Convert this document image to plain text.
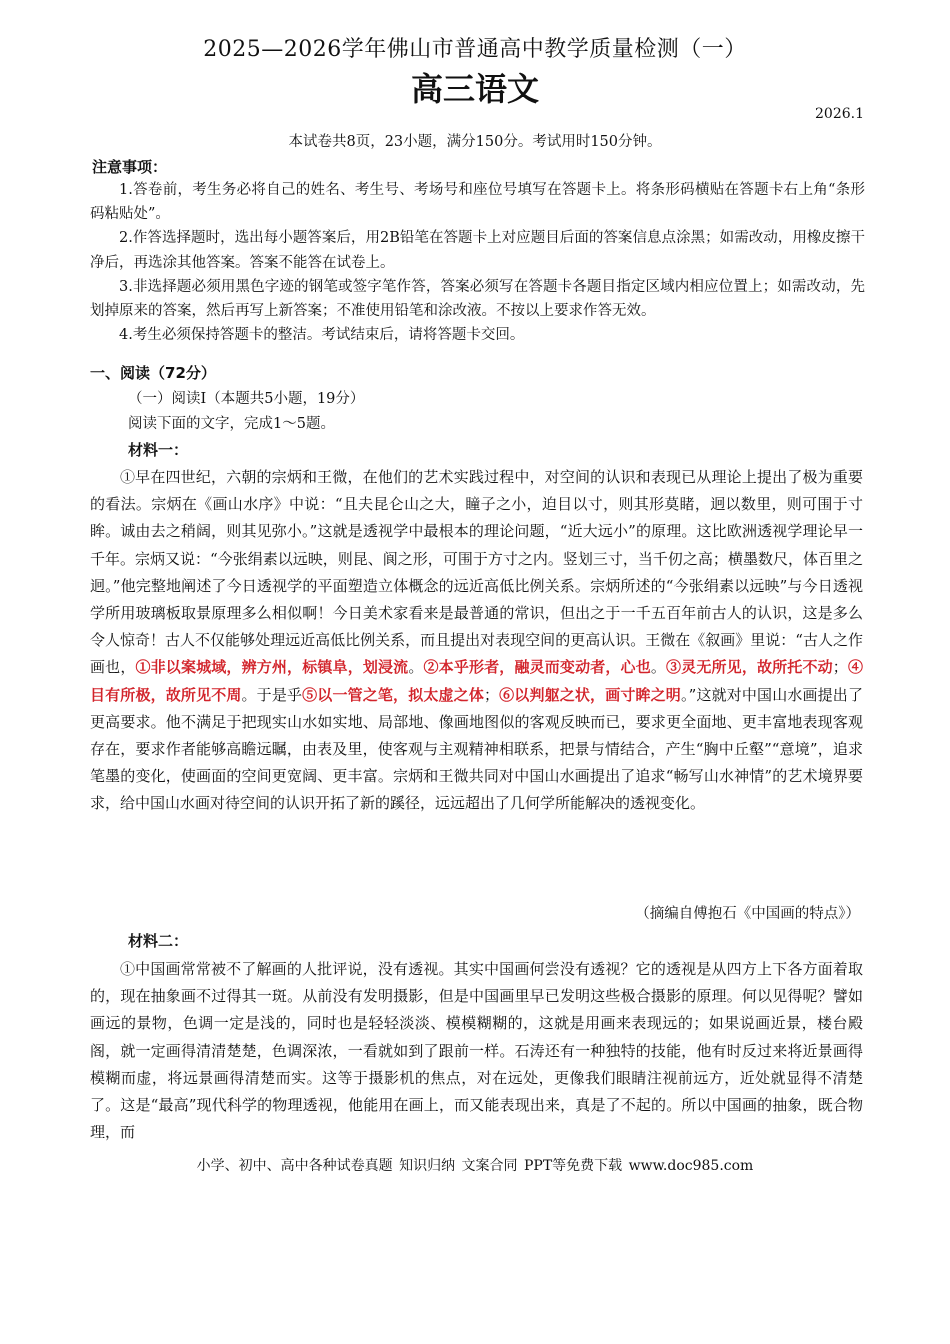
2025—2026学年佛山市普通高中教学质量检测（一）
高三语文
2026.1
本试卷共8页，23小题，满分150分。考试用时150分钟。
注意事项：

1.答卷前，考生务必将自己的姓名、考生号、考场号和座位号填写在答题卡上。将条形码横贴在答题卡右上角“条形码粘贴处”。

2.作答选择题时，选出每小题答案后，用2B铅笔在答题卡上对应题目后面的答案信息点涂黑；如需改动，用橡皮擦干净后，再选涂其他答案。答案不能答在试卷上。

3.非选择题必须用黑色字迹的钢笔或签字笔作答，答案必须写在答题卡各题目指定区域内相应位置上；如需改动，先划掉原来的答案，然后再写上新答案；不准使用铅笔和涂改液。不按以上要求作答无效。

4.考生必须保持答题卡的整洁。考试结束后，请将答题卡交回。

一、阅读（72分）
（一）阅读Ⅰ（本题共5小题，19分）
阅读下面的文字，完成1～5题。
材料一：

①早在四世纪，六朝的宗炳和王微，在他们的艺术实践过程中，对空间的认识和表现已从理论上提出了极为重要的看法。宗炳在《画山水序》中说：“且夫昆仑山之大，瞳子之小，迫目以寸，则其形莫睹，迥以数里，则可围于寸眸。诚由去之稍阔，则其见弥小。”这就是透视学中最根本的理论问题，“近大远小”的原理。这比欧洲透视学理论早一千年。宗炳又说：“今张绢素以远映，则昆、阆之形，可围于方寸之内。竖划三寸，当千仞之高；横墨数尺，体百里之迥。”他完整地阐述了今日透视学的平面塑造立体概念的远近高低比例关系。宗炳所述的“今张绢素以远映”与今日透视学所用玻璃板取景原理多么相似啊！今日美术家看来是最普通的常识，但出之于一千五百年前古人的认识，这是多么令人惊奇！古人不仅能够处理远近高低比例关系，而且提出对表现空间的更高认识。王微在《叙画》里说：“古人之作画也，①非以案城域，辨方州，标镇阜，划浸流。②本乎形者，融灵而变动者，心也。③灵无所见，故所托不动；④目有所极，故所见不周。于是乎⑤以一管之笔，拟太虚之体；⑥以判躯之状，画寸眸之明。”这就对中国山水画提出了更高要求。他不满足于把现实山水如实地、局部地、像画地图似的客观反映而已，要求更全面地、更丰富地表现客观存在，要求作者能够高瞻远瞩，由表及里，使客观与主观精神相联系，把景与情结合，产生“胸中丘壑”“意境”，追求笔墨的变化，使画面的空间更宽阔、更丰富。宗炳和王微共同对中国山水画提出了追求“畅写山水神情”的艺术境界要求，给中国山水画对待空间的认识开拓了新的蹊径，远远超出了几何学所能解决的透视变化。

（摘编自傅抱石《中国画的特点》）
材料二：

①中国画常常被不了解画的人批评说，没有透视。其实中国画何尝没有透视？它的透视是从四方上下各方面着取的，现在抽象画不过得其一斑。从前没有发明摄影，但是中国画里早已发明这些极合摄影的原理。何以见得呢？譬如画远的景物，色调一定是浅的，同时也是轻轻淡淡、模模糊糊的，这就是用画来表现远的；如果说画近景，楼台殿阁，就一定画得清清楚楚，色调深浓，一看就如到了跟前一样。石涛还有一种独特的技能，他有时反过来将近景画得模糊而虚，将远景画得清楚而实。这等于摄影机的焦点，对在远处，更像我们眼睛注视前远方，近处就显得不清楚了。这是“最高”现代科学的物理透视，他能用在画上，而又能表现出来，真是了不起的。所以中国画的抽象，既合物理，而

小学、初中、高中各种试卷真题 知识归纳 文案合同 PPT等免费下载 www.doc985.com
